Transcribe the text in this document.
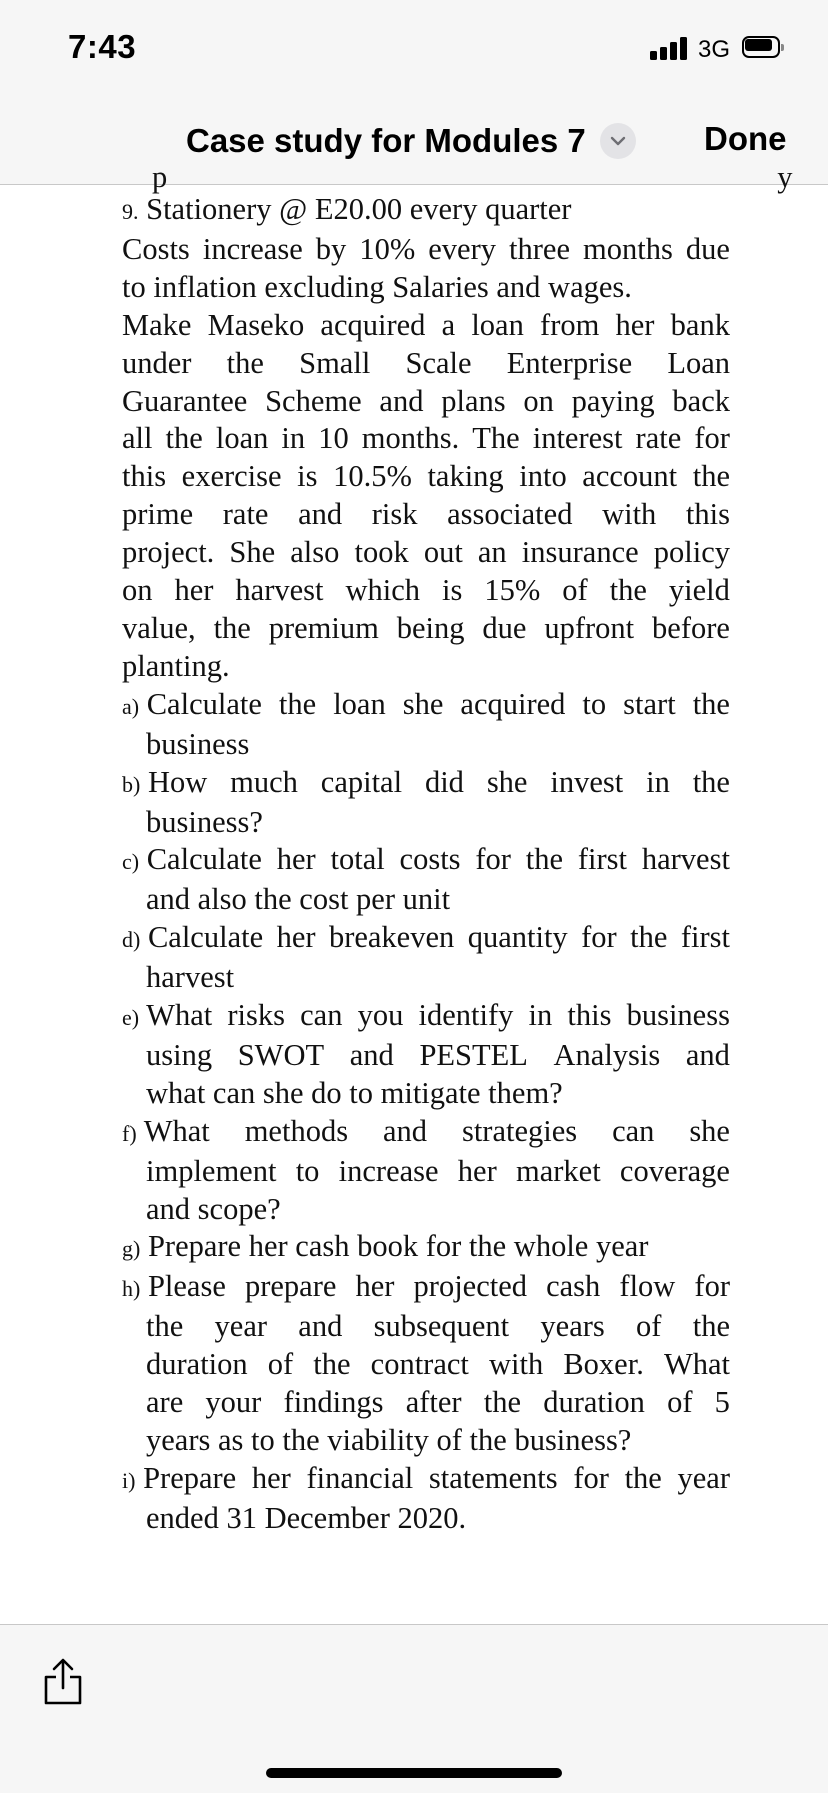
7:43	3G
Case study for Modules 7	Done
p                                                                                y
9. Stationery @ E20.00 every quarter
Costs increase by 10% every three months due
to inflation excluding Salaries and wages.
Make Maseko acquired a loan from her bank
under the Small Scale Enterprise Loan
Guarantee Scheme and plans on paying back
all the loan in 10 months. The interest rate for
this exercise is 10.5% taking into account the
prime rate and risk associated with this
project. She also took out an insurance policy
on her harvest which is 15% of the yield
value, the premium being due upfront before
planting.
a) Calculate the loan she acquired to start the
business
b) How much capital did she invest in the
business?
c) Calculate her total costs for the first harvest
and also the cost per unit
d) Calculate her breakeven quantity for the first
harvest
e) What risks can you identify in this business
using SWOT and PESTEL Analysis and
what can she do to mitigate them?
f) What methods and strategies can she
implement to increase her market coverage
and scope?
g) Prepare her cash book for the whole year
h) Please prepare her projected cash flow for
the year and subsequent years of the
duration of the contract with Boxer. What
are your findings after the duration of 5
years as to the viability of the business?
i) Prepare her financial statements for the year
ended 31 December 2020.
